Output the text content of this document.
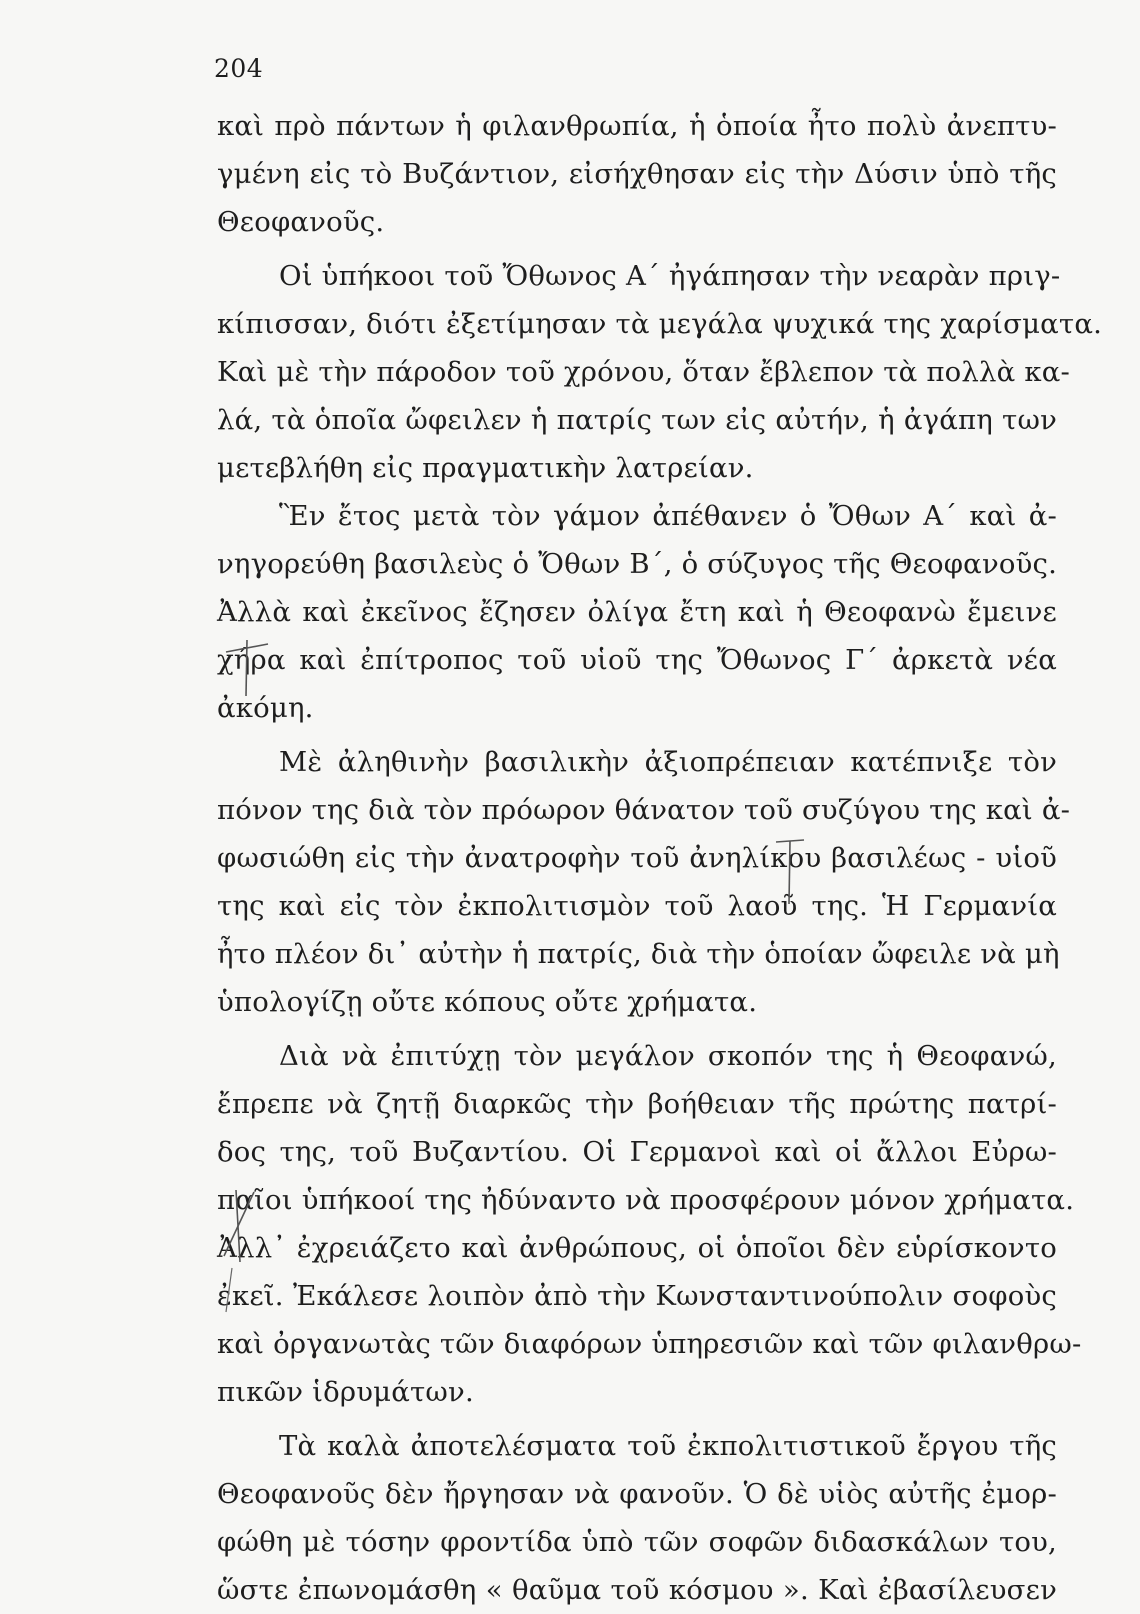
204
καὶ πρὸ πάντων ἡ φιλανθρωπία, ἡ ὁποία ἦτο πολὺ ἀνεπτυ-
γμένη εἰς τὸ Βυζάντιον, εἰσήχθησαν εἰς τὴν Δύσιν ὑπὸ τῆς
Θεοφανοῦς.
Οἱ ὑπήκοοι τοῦ Ὄθωνος Α΄ ἠγάπησαν τὴν νεαρὰν πριγ-
κίπισσαν, διότι ἐξετίμησαν τὰ μεγάλα ψυχικά της χαρίσματα.
Καὶ μὲ τὴν πάροδον τοῦ χρόνου, ὅταν ἔβλεπον τὰ πολλὰ κα-
λά, τὰ ὁποῖα ὤφειλεν ἡ πατρίς των εἰς αὐτήν, ἡ ἀγάπη των
μετεβλήθη εἰς πραγματικὴν λατρείαν.
Ἓν ἔτος μετὰ τὸν γάμον ἀπέθανεν ὁ Ὄθων Α΄ καὶ ἀ-
νηγορεύθη βασιλεὺς ὁ Ὄθων Β΄, ὁ σύζυγος τῆς Θεοφανοῦς.
Ἀλλὰ καὶ ἐκεῖνος ἔζησεν ὀλίγα ἔτη καὶ ἡ Θεοφανὼ ἔμεινε
χήρα καὶ ἐπίτροπος τοῦ υἱοῦ της Ὄθωνος Γ΄ ἀρκετὰ νέα
ἀκόμη.
Μὲ ἀληθινὴν βασιλικὴν ἀξιοπρέπειαν κατέπνιξε τὸν
πόνον της διὰ τὸν πρόωρον θάνατον τοῦ συζύγου της καὶ ἀ-
φωσιώθη εἰς τὴν ἀνατροφὴν τοῦ ἀνηλίκου βασιλέως - υἱοῦ
της καὶ εἰς τὸν ἐκπολιτισμὸν τοῦ λαοῦ της. Ἡ Γερμανία
ἦτο πλέον δι᾽ αὐτὴν ἡ πατρίς, διὰ τὴν ὁποίαν ὤφειλε νὰ μὴ
ὑπολογίζῃ οὔτε κόπους οὔτε χρήματα.
Διὰ νὰ ἐπιτύχῃ τὸν μεγάλον σκοπόν της ἡ Θεοφανώ,
ἔπρεπε νὰ ζητῇ διαρκῶς τὴν βοήθειαν τῆς πρώτης πατρί-
δος της, τοῦ Βυζαντίου. Οἱ Γερμανοὶ καὶ οἱ ἄλλοι Εὐρω-
παῖοι ὑπήκοοί της ἠδύναντο νὰ προσφέρουν μόνον χρήματα.
Ἀλλ᾽ ἐχρειάζετο καὶ ἀνθρώπους, οἱ ὁποῖοι δὲν εὑρίσκοντο
ἐκεῖ. Ἐκάλεσε λοιπὸν ἀπὸ τὴν Κωνσταντινούπολιν σοφοὺς
καὶ ὀργανωτὰς τῶν διαφόρων ὑπηρεσιῶν καὶ τῶν φιλανθρω-
πικῶν ἱδρυμάτων.
Τὰ καλὰ ἀποτελέσματα τοῦ ἐκπολιτιστικοῦ ἔργου τῆς
Θεοφανοῦς δὲν ἤργησαν νὰ φανοῦν. Ὁ δὲ υἱὸς αὐτῆς ἐμορ-
φώθη μὲ τόσην φροντίδα ὑπὸ τῶν σοφῶν διδασκάλων του,
ὥστε ἐπωνομάσθη « θαῦμα τοῦ κόσμου ». Καὶ ἐβασίλευσεν
